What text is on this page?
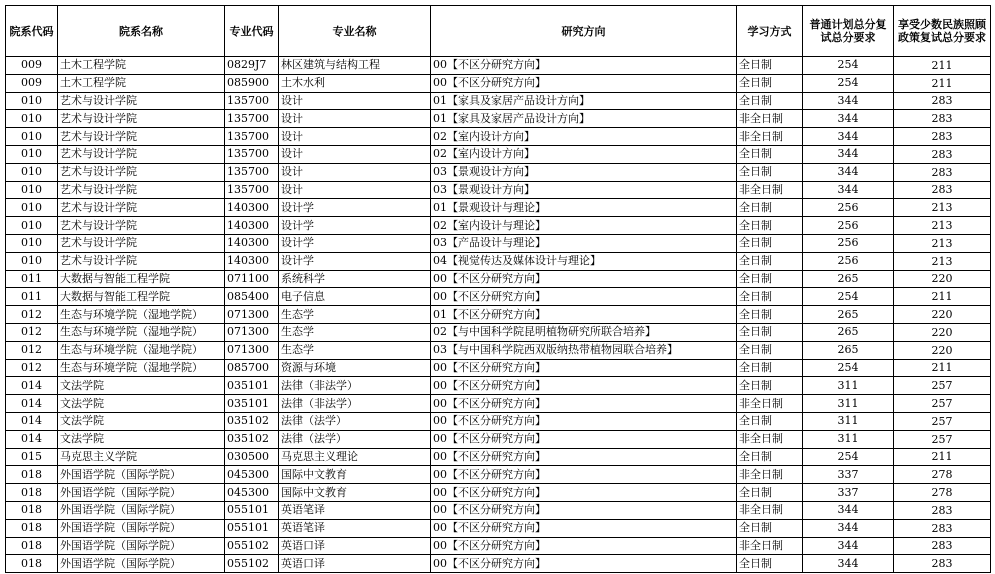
院系代码	院系名称	专业代码	专业名称	研究方向	学习方式	普通计划总分复试总分要求	享受少数民族照顾政策复试总分要求
009	土木工程学院	0829J7	林区建筑与结构工程	00【不区分研究方向】	全日制	254	211
009	土木工程学院	085900	土木水利	00【不区分研究方向】	全日制	254	211
010	艺术与设计学院	135700	设计	01【家具及家居产品设计方向】	全日制	344	283
010	艺术与设计学院	135700	设计	01【家具及家居产品设计方向】	非全日制	344	283
010	艺术与设计学院	135700	设计	02【室内设计方向】	非全日制	344	283
010	艺术与设计学院	135700	设计	02【室内设计方向】	全日制	344	283
010	艺术与设计学院	135700	设计	03【景观设计方向】	全日制	344	283
010	艺术与设计学院	135700	设计	03【景观设计方向】	非全日制	344	283
010	艺术与设计学院	140300	设计学	01【景观设计与理论】	全日制	256	213
010	艺术与设计学院	140300	设计学	02【室内设计与理论】	全日制	256	213
010	艺术与设计学院	140300	设计学	03【产品设计与理论】	全日制	256	213
010	艺术与设计学院	140300	设计学	04【视觉传达及媒体设计与理论】	全日制	256	213
011	大数据与智能工程学院	071100	系统科学	00【不区分研究方向】	全日制	265	220
011	大数据与智能工程学院	085400	电子信息	00【不区分研究方向】	全日制	254	211
012	生态与环境学院（湿地学院）	071300	生态学	01【不区分研究方向】	全日制	265	220
012	生态与环境学院（湿地学院）	071300	生态学	02【与中国科学院昆明植物研究所联合培养】	全日制	265	220
012	生态与环境学院（湿地学院）	071300	生态学	03【与中国科学院西双版纳热带植物园联合培养】	全日制	265	220
012	生态与环境学院（湿地学院）	085700	资源与环境	00【不区分研究方向】	全日制	254	211
014	文法学院	035101	法律（非法学）	00【不区分研究方向】	全日制	311	257
014	文法学院	035101	法律（非法学）	00【不区分研究方向】	非全日制	311	257
014	文法学院	035102	法律（法学）	00【不区分研究方向】	全日制	311	257
014	文法学院	035102	法律（法学）	00【不区分研究方向】	非全日制	311	257
015	马克思主义学院	030500	马克思主义理论	00【不区分研究方向】	全日制	254	211
018	外国语学院（国际学院）	045300	国际中文教育	00【不区分研究方向】	非全日制	337	278
018	外国语学院（国际学院）	045300	国际中文教育	00【不区分研究方向】	全日制	337	278
018	外国语学院（国际学院）	055101	英语笔译	00【不区分研究方向】	非全日制	344	283
018	外国语学院（国际学院）	055101	英语笔译	00【不区分研究方向】	全日制	344	283
018	外国语学院（国际学院）	055102	英语口译	00【不区分研究方向】	非全日制	344	283
018	外国语学院（国际学院）	055102	英语口译	00【不区分研究方向】	全日制	344	283
